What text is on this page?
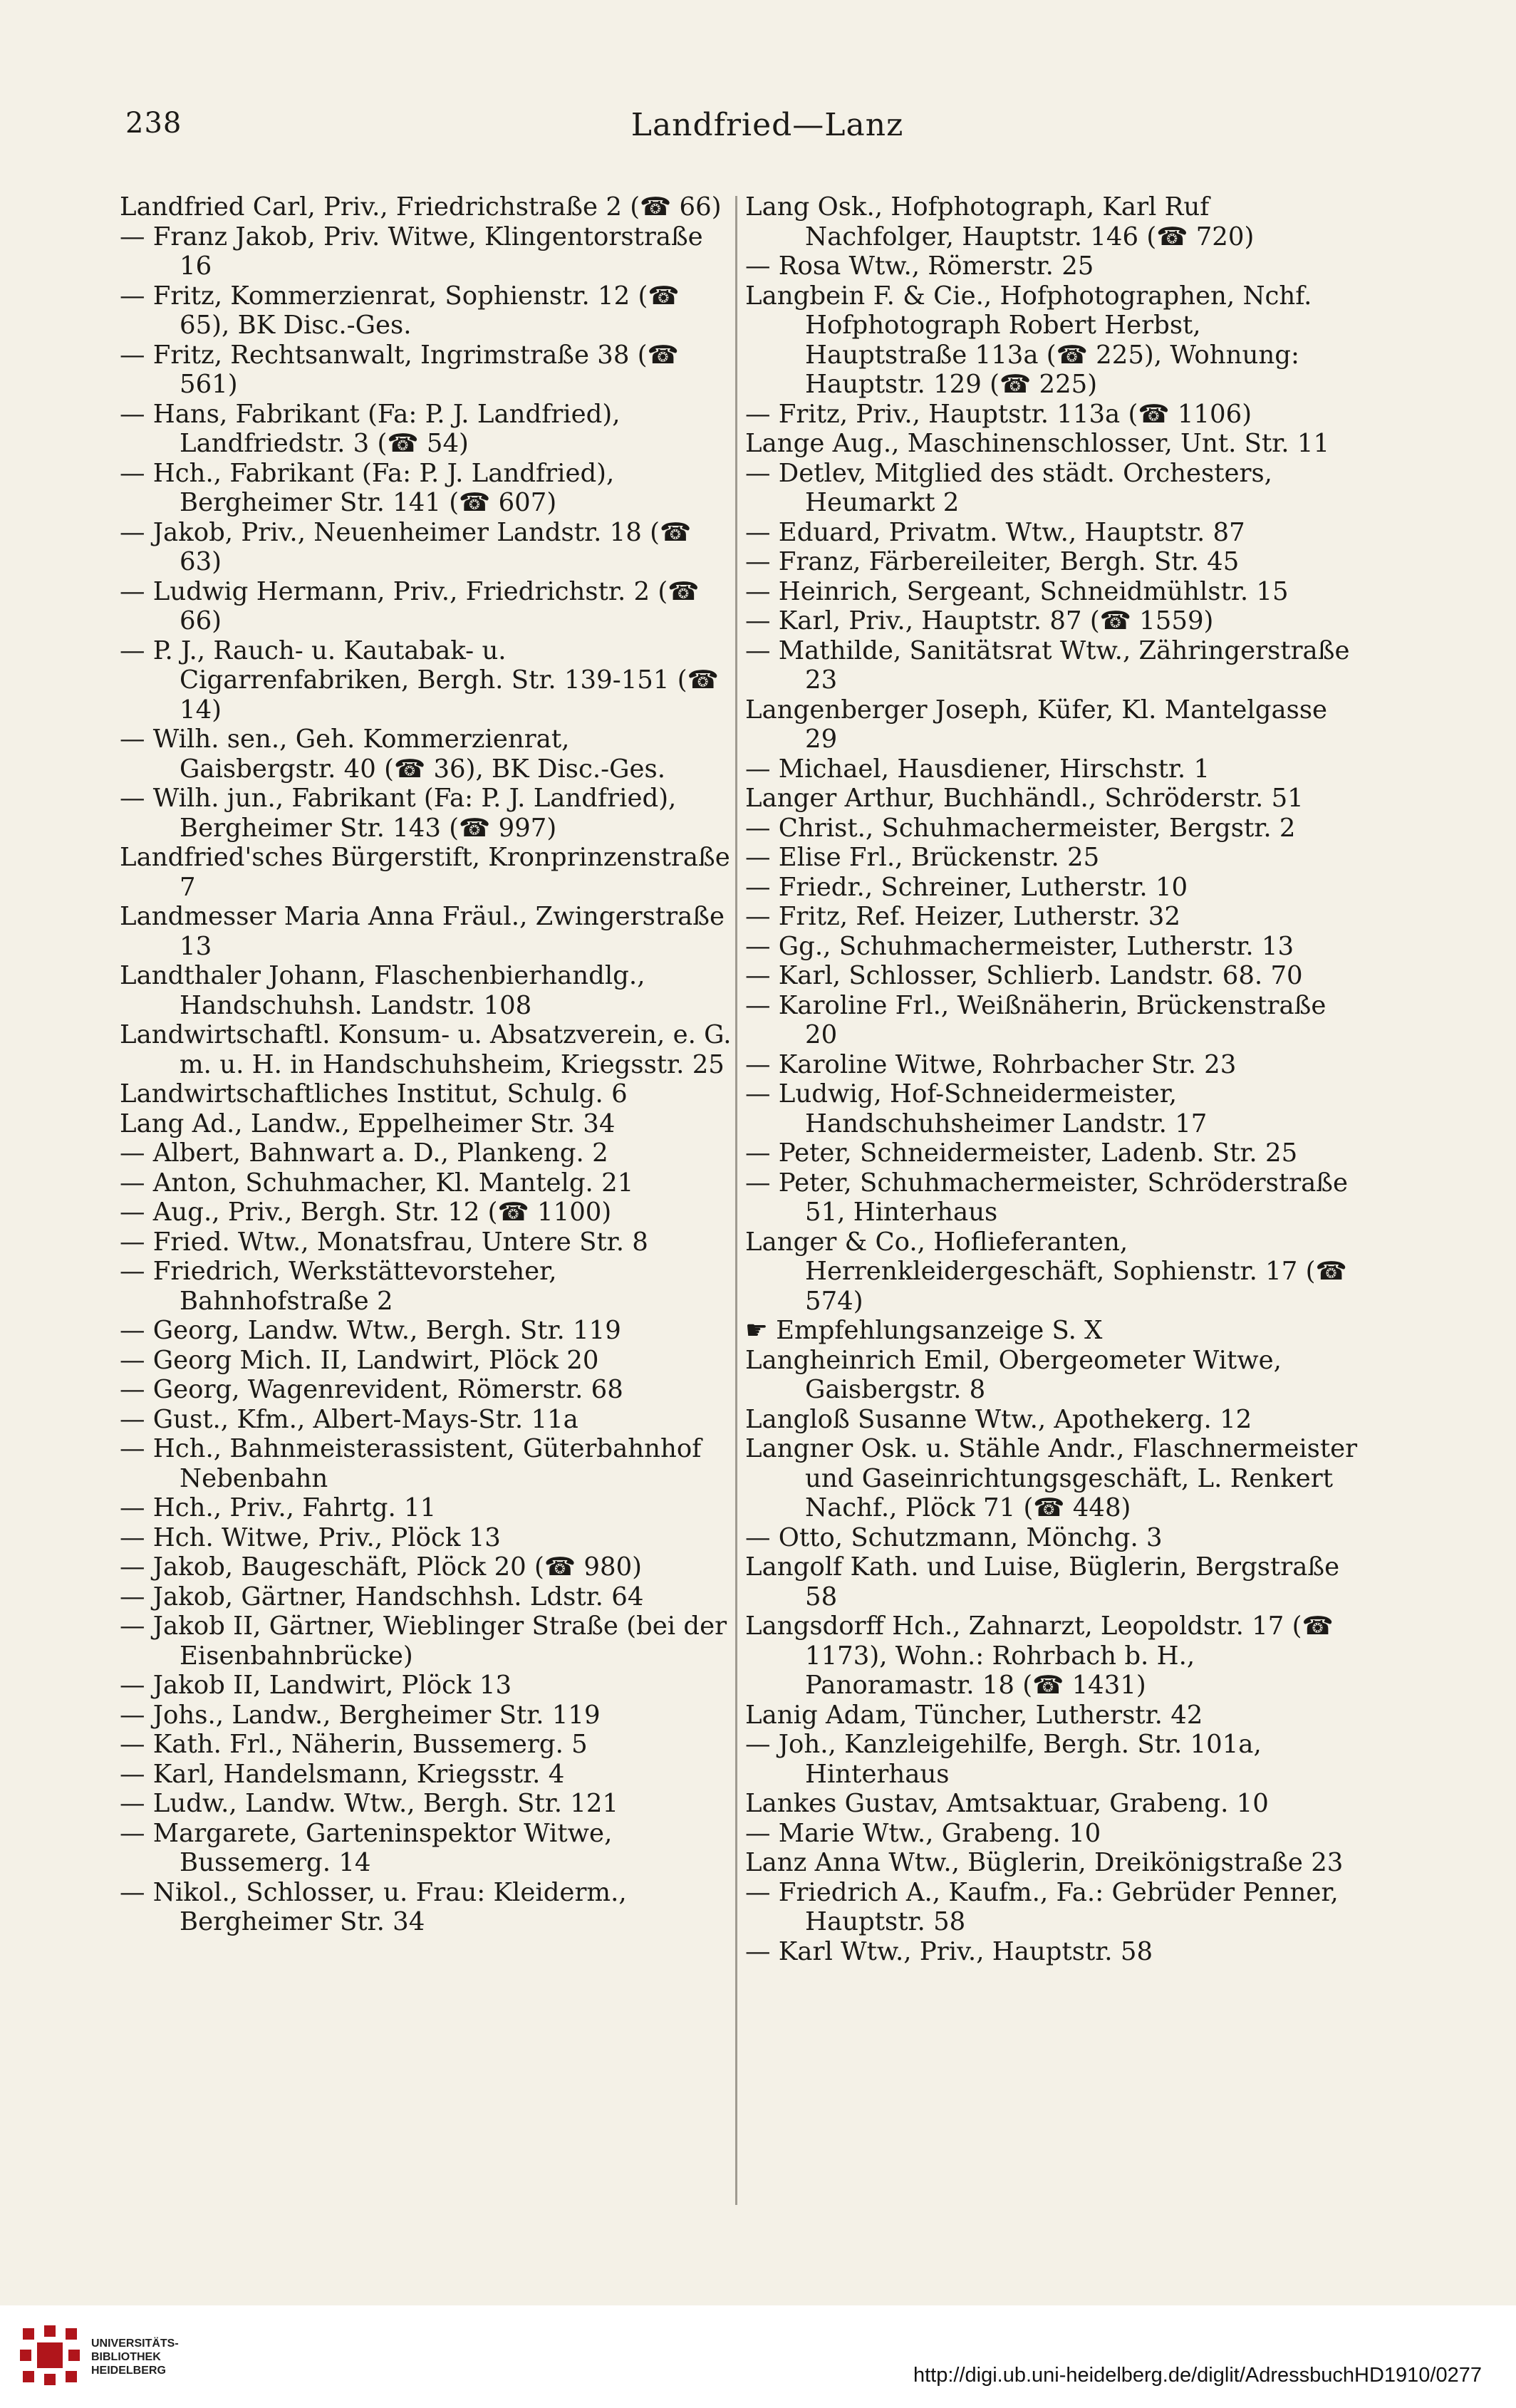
238	Landfried—Lanz

Landfried Carl, Priv., Friedrichstraße 2 (☎ 66)

— Franz Jakob, Priv. Witwe, Klingentorstraße 16

— Fritz, Kommerzienrat, Sophienstr. 12 (☎ 65), BK Disc.-Ges.

— Fritz, Rechtsanwalt, Ingrimstraße 38 (☎ 561)

— Hans, Fabrikant (Fa: P. J. Landfried), Landfriedstr. 3 (☎ 54)

— Hch., Fabrikant (Fa: P. J. Landfried), Bergheimer Str. 141 (☎ 607)

— Jakob, Priv., Neuenheimer Landstr. 18 (☎ 63)

— Ludwig Hermann, Priv., Friedrichstr. 2 (☎ 66)

— P. J., Rauch- u. Kautabak- u. Cigarrenfabriken, Bergh. Str. 139-151 (☎ 14)

— Wilh. sen., Geh. Kommerzienrat, Gaisbergstr. 40 (☎ 36), BK Disc.-Ges.

— Wilh. jun., Fabrikant (Fa: P. J. Landfried), Bergheimer Str. 143 (☎ 997)

Landfried'sches Bürgerstift, Kronprinzenstraße 7

Landmesser Maria Anna Fräul., Zwingerstraße 13

Landthaler Johann, Flaschenbierhandlg., Handschuhsh. Landstr. 108

Landwirtschaftl. Konsum- u. Absatzverein, e. G. m. u. H. in Handschuhsheim, Kriegsstr. 25

Landwirtschaftliches Institut, Schulg. 6

Lang Ad., Landw., Eppelheimer Str. 34

— Albert, Bahnwart a. D., Plankeng. 2

— Anton, Schuhmacher, Kl. Mantelg. 21

— Aug., Priv., Bergh. Str. 12 (☎ 1100)

— Fried. Wtw., Monatsfrau, Untere Str. 8

— Friedrich, Werkstättevorsteher, Bahnhofstraße 2

— Georg, Landw. Wtw., Bergh. Str. 119

— Georg Mich. II, Landwirt, Plöck 20

— Georg, Wagenrevident, Römerstr. 68

— Gust., Kfm., Albert-Mays-Str. 11a

— Hch., Bahnmeisterassistent, Güterbahnhof Nebenbahn

— Hch., Priv., Fahrtg. 11

— Hch. Witwe, Priv., Plöck 13

— Jakob, Baugeschäft, Plöck 20 (☎ 980)

— Jakob, Gärtner, Handschhsh. Ldstr. 64

— Jakob II, Gärtner, Wieblinger Straße (bei der Eisenbahnbrücke)

— Jakob II, Landwirt, Plöck 13

— Johs., Landw., Bergheimer Str. 119

— Kath. Frl., Näherin, Bussemerg. 5

— Karl, Handelsmann, Kriegsstr. 4

— Ludw., Landw. Wtw., Bergh. Str. 121

— Margarete, Garteninspektor Witwe, Bussemerg. 14

— Nikol., Schlosser, u. Frau: Kleiderm., Bergheimer Str. 34

Lang Osk., Hofphotograph, Karl Ruf Nachfolger, Hauptstr. 146 (☎ 720)

— Rosa Wtw., Römerstr. 25

Langbein F. & Cie., Hofphotographen, Nchf. Hofphotograph Robert Herbst, Hauptstraße 113a (☎ 225), Wohnung: Hauptstr. 129 (☎ 225)

— Fritz, Priv., Hauptstr. 113a (☎ 1106)

Lange Aug., Maschinenschlosser, Unt. Str. 11

— Detlev, Mitglied des städt. Orchesters, Heumarkt 2

— Eduard, Privatm. Wtw., Hauptstr. 87

— Franz, Färbereileiter, Bergh. Str. 45

— Heinrich, Sergeant, Schneidmühlstr. 15

— Karl, Priv., Hauptstr. 87 (☎ 1559)

— Mathilde, Sanitätsrat Wtw., Zähringerstraße 23

Langenberger Joseph, Küfer, Kl. Mantelgasse 29

— Michael, Hausdiener, Hirschstr. 1

Langer Arthur, Buchhändl., Schröderstr. 51

— Christ., Schuhmachermeister, Bergstr. 2

— Elise Frl., Brückenstr. 25

— Friedr., Schreiner, Lutherstr. 10

— Fritz, Ref. Heizer, Lutherstr. 32

— Gg., Schuhmachermeister, Lutherstr. 13

— Karl, Schlosser, Schlierb. Landstr. 68. 70

— Karoline Frl., Weißnäherin, Brückenstraße 20

— Karoline Witwe, Rohrbacher Str. 23

— Ludwig, Hof-Schneidermeister, Handschuhsheimer Landstr. 17

— Peter, Schneidermeister, Ladenb. Str. 25

— Peter, Schuhmachermeister, Schröderstraße 51, Hinterhaus

Langer & Co., Hoflieferanten, Herrenkleidergeschäft, Sophienstr. 17 (☎ 574)

☛ Empfehlungsanzeige S. X

Langheinrich Emil, Obergeometer Witwe, Gaisbergstr. 8

Langloß Susanne Wtw., Apothekerg. 12

Langner Osk. u. Stähle Andr., Flaschnermeister und Gaseinrichtungsgeschäft, L. Renkert Nachf., Plöck 71 (☎ 448)

— Otto, Schutzmann, Mönchg. 3

Langolf Kath. und Luise, Büglerin, Bergstraße 58

Langsdorff Hch., Zahnarzt, Leopoldstr. 17 (☎ 1173), Wohn.: Rohrbach b. H., Panoramastr. 18 (☎ 1431)

Lanig Adam, Tüncher, Lutherstr. 42

— Joh., Kanzleigehilfe, Bergh. Str. 101a, Hinterhaus

Lankes Gustav, Amtsaktuar, Grabeng. 10

— Marie Wtw., Grabeng. 10

Lanz Anna Wtw., Büglerin, Dreikönigstraße 23

— Friedrich A., Kaufm., Fa.: Gebrüder Penner, Hauptstr. 58

— Karl Wtw., Priv., Hauptstr. 58

UNIVERSITÄTS-
BIBLIOTHEK
HEIDELBERG	http://digi.ub.uni-heidelberg.de/diglit/AdressbuchHD1910/0277
